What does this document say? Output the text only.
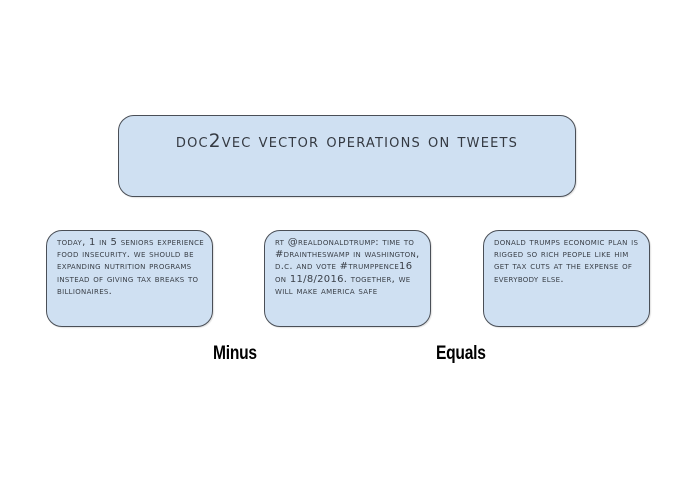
doc2vec vector operations on tweets
today, 1 in 5 seniors experience food insecurity. we should be expanding nutrition programs instead of giving tax breaks to billionaires.
rt @realdonaldtrump: time to #draintheswamp in washington, d.c. and vote #trumppence16 on 11/8/2016. together, we will make america safe
donald trumps economic plan is rigged so rich people like him get tax cuts at the expense of everybody else.
Minus	Equals
